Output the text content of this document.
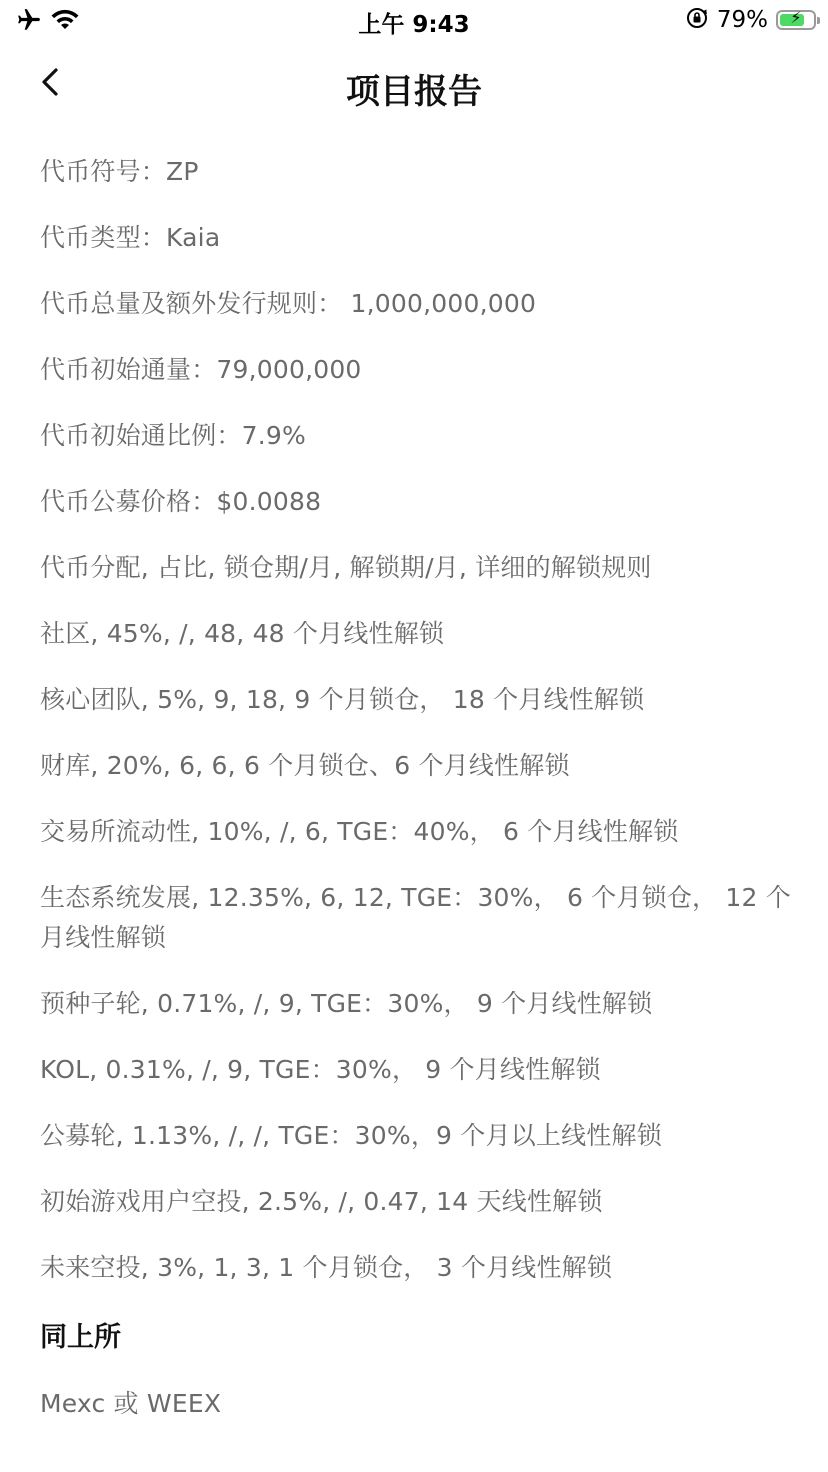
上午 9:43	79%	⚡
项目报告
代币符号：ZP
代币类型：Kaia
代币总量及额外发行规则： 1,000,000,000
代币初始通量：79,000,000
代币初始通比例：7.9%
代币公募价格：$0.0088
代币分配, 占比, 锁仓期/月, 解锁期/月, 详细的解锁规则
社区, 45%, /, 48, 48 个月线性解锁
核心团队, 5%, 9, 18, 9 个月锁仓， 18 个月线性解锁
财库, 20%, 6, 6, 6 个月锁仓、6 个月线性解锁
交易所流动性, 10%, /, 6, TGE：40%， 6 个月线性解锁
生态系统发展, 12.35%, 6, 12, TGE：30%， 6 个月锁仓， 12 个月线性解锁
预种子轮, 0.71%, /, 9, TGE：30%， 9 个月线性解锁
KOL, 0.31%, /, 9, TGE：30%， 9 个月线性解锁
公募轮, 1.13%, /, /, TGE：30%，9 个月以上线性解锁
初始游戏用户空投, 2.5%, /, 0.47, 14 天线性解锁
未来空投, 3%, 1, 3, 1 个月锁仓， 3 个月线性解锁
同上所
Mexc 或 WEEX
